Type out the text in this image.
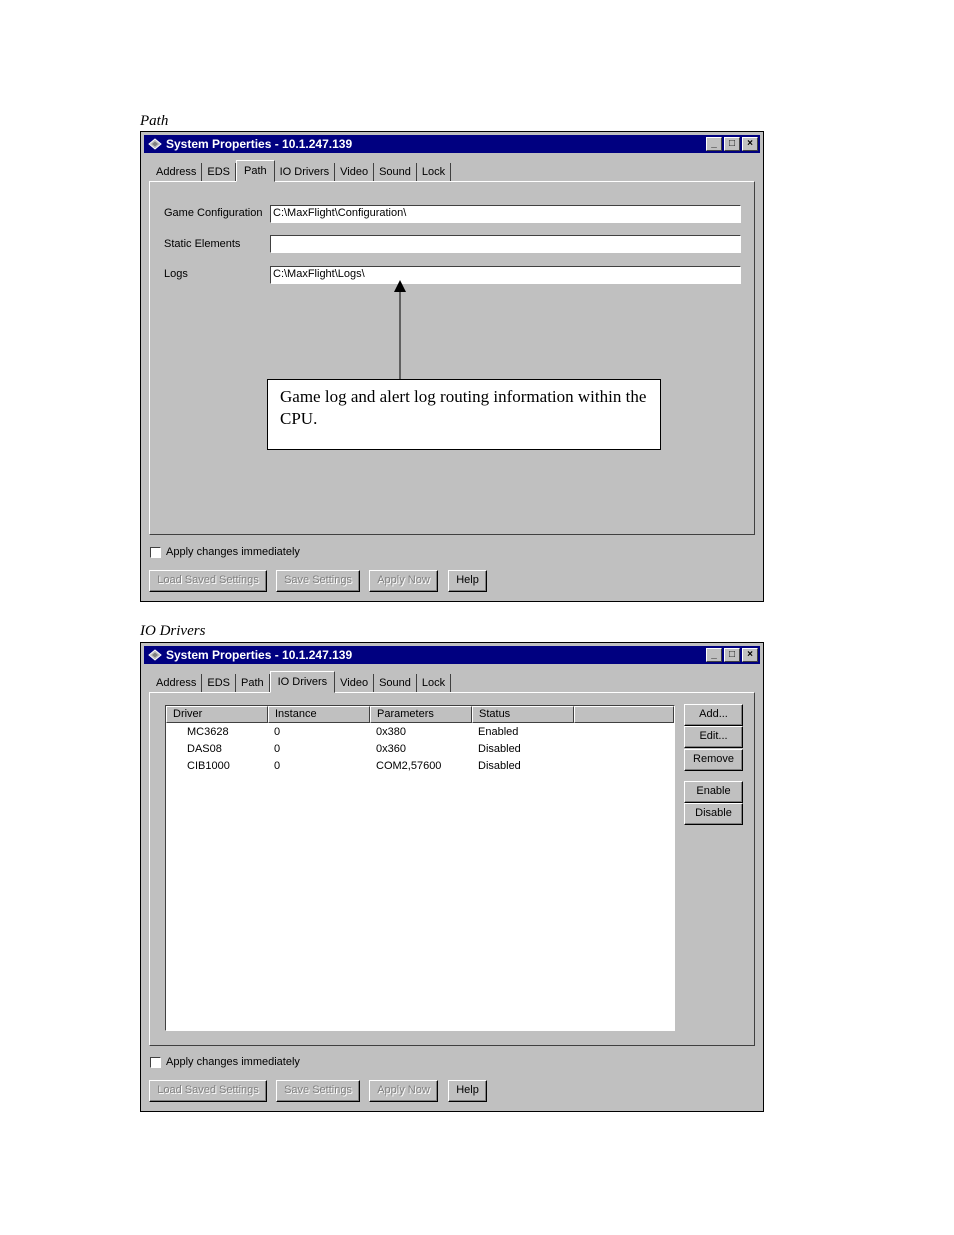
Path
System Properties - 10.1.247.139	_	□	×
Address	EDS	Path	IO Drivers	Video	Sound	Lock
Game Configuration C:\MaxFlight\Configuration\
Static Elements
Logs	C:\MaxFlight\Logs\
Game log and alert log routing information within the CPU.
Apply changes immediately
Load Saved Settings	Save Settings	Apply Now	Help
IO Drivers
System Properties - 10.1.247.139	_	□	×
Address	EDS	Path	IO Drivers	Video	Sound	Lock
Driver	Instance	Parameters	Status
MC3628	0	0x380	Enabled
DAS08	0	0x360	Disabled
CIB1000	0	COM2,57600	Disabled
Add...
Edit...
Remove
Enable
Disable
Apply changes immediately
Load Saved Settings	Save Settings	Apply Now	Help
